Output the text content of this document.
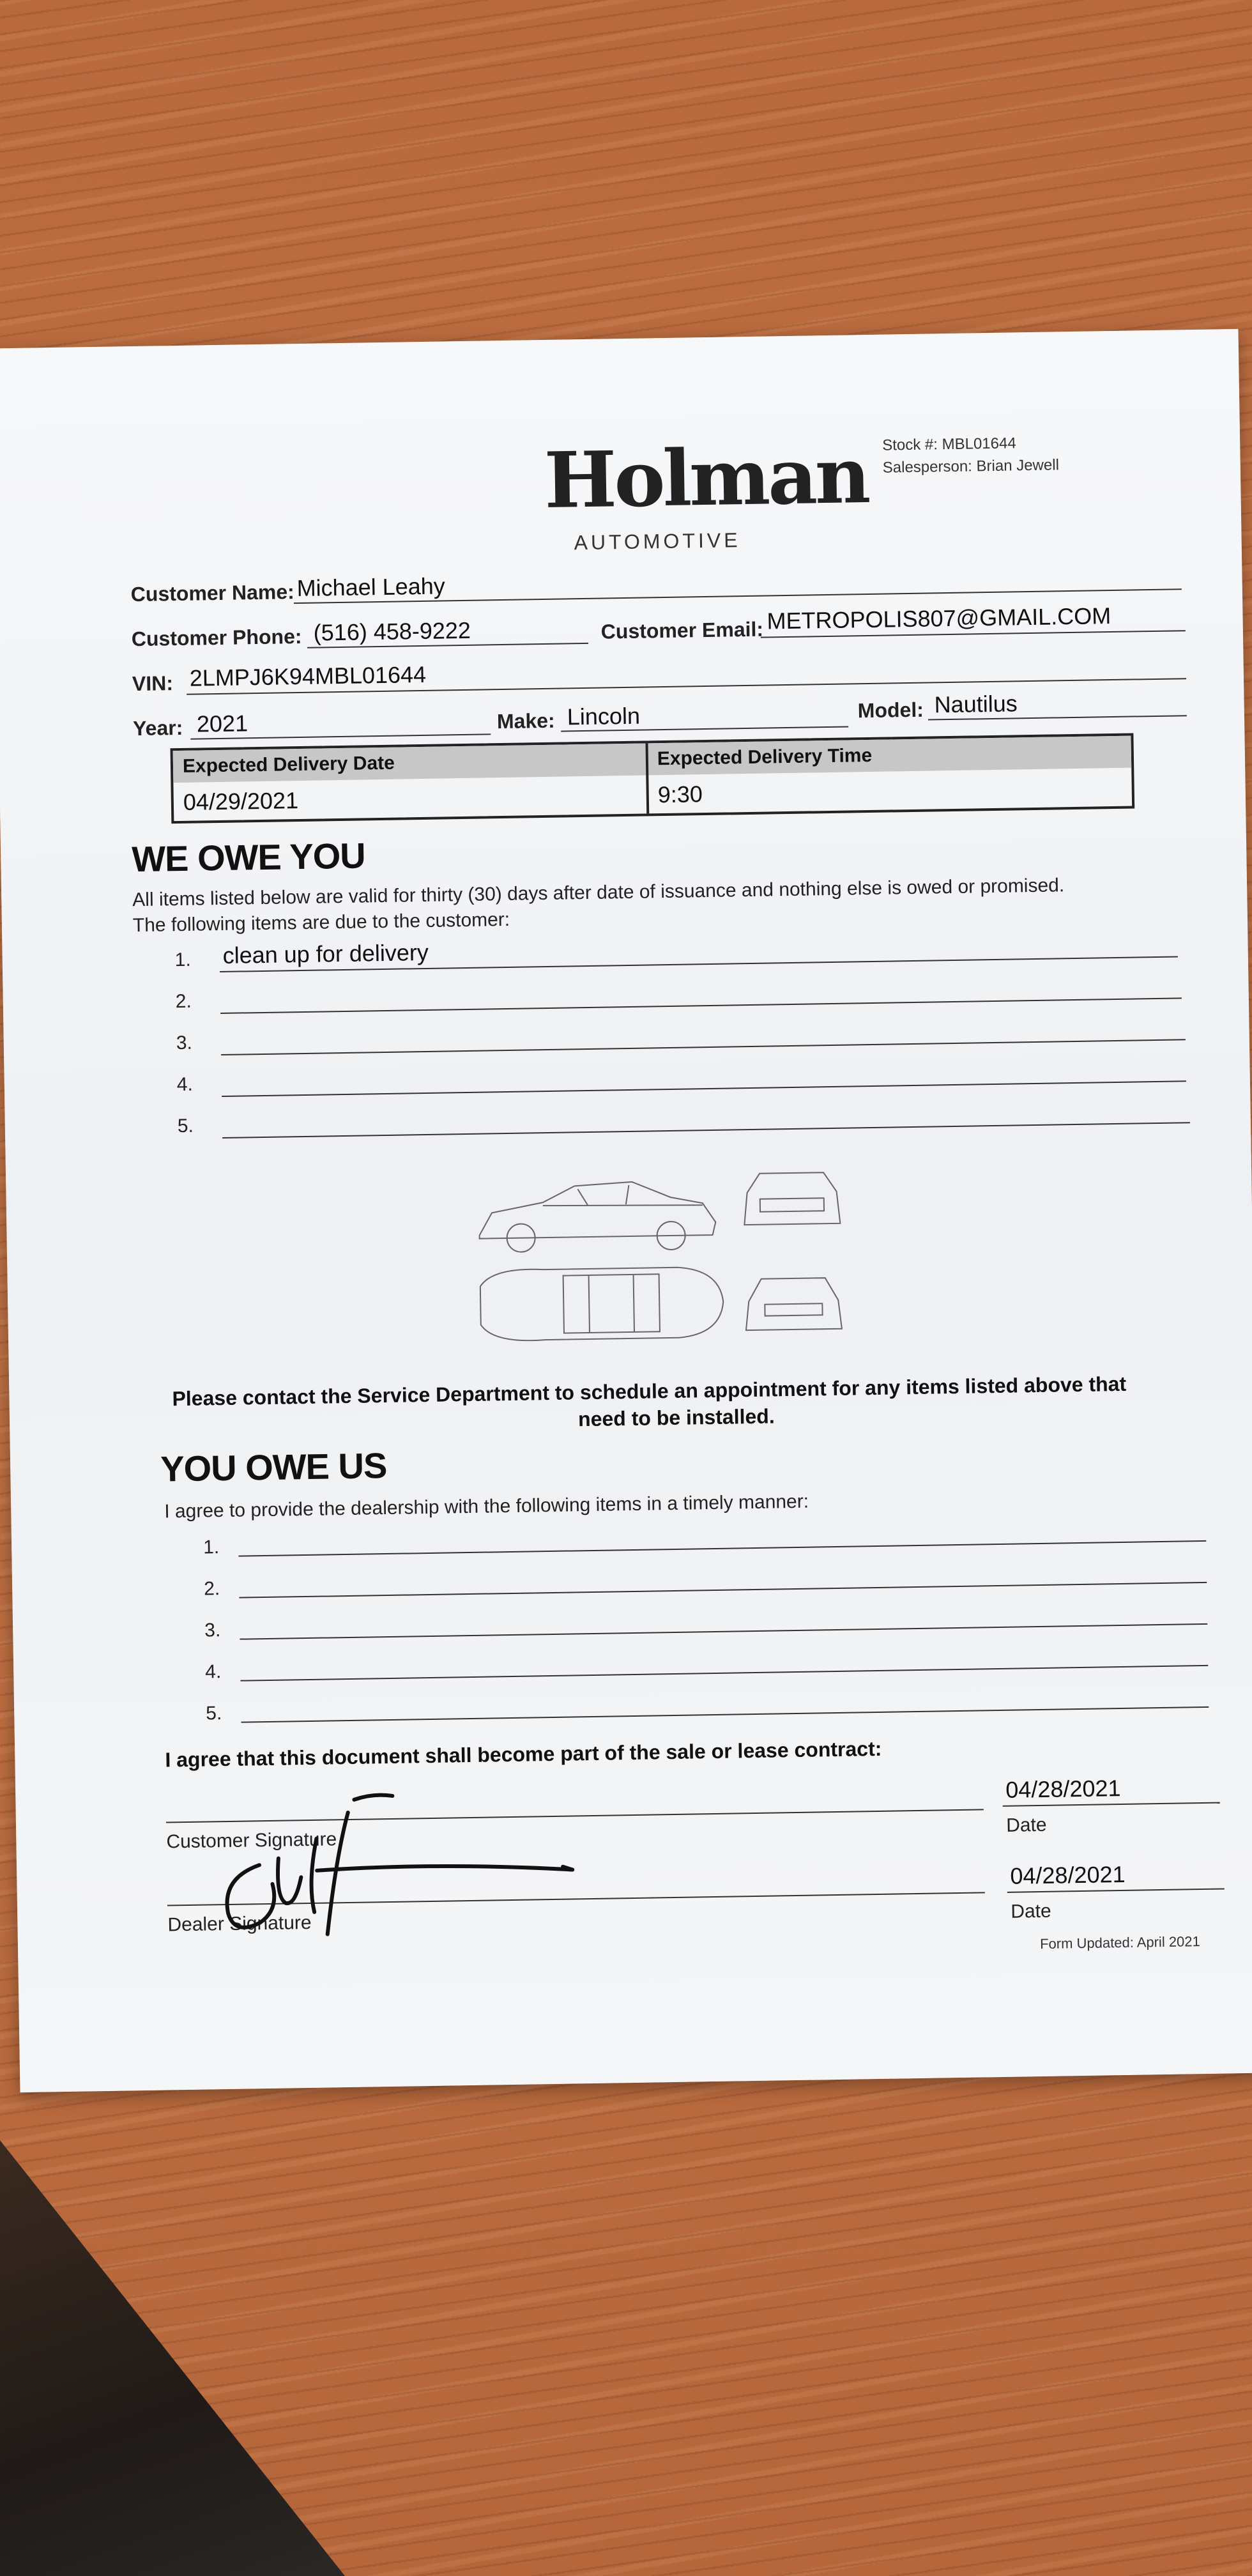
Holman
AUTOMOTIVE
Stock #: MBL01644
Salesperson: Brian Jewell
Customer Name: Michael Leahy
Customer Phone: (516) 458-9222	Customer Email: METROPOLIS807@GMAIL.COM
VIN: 2LMPJ6K94MBL01644
Year: 2021	Make: Lincoln	Model: Nautilus
Expected Delivery Date
04/29/2021
Expected Delivery Time
9:30
WE OWE YOU
All items listed below are valid for thirty (30) days after date of issuance and nothing else is owed or promised.
The following items are due to the customer:
1. clean up for delivery
2.
3.
4.
5.
Please contact the Service Department to schedule an appointment for any items listed above that
need to be installed.
YOU OWE US
I agree to provide the dealership with the following items in a timely manner:
1.
2.
3.
4.
5.
I agree that this document shall become part of the sale or lease contract:
Customer Signature
04/28/2021
Date
Dealer Signature
04/28/2021
Date
Form Updated: April 2021
